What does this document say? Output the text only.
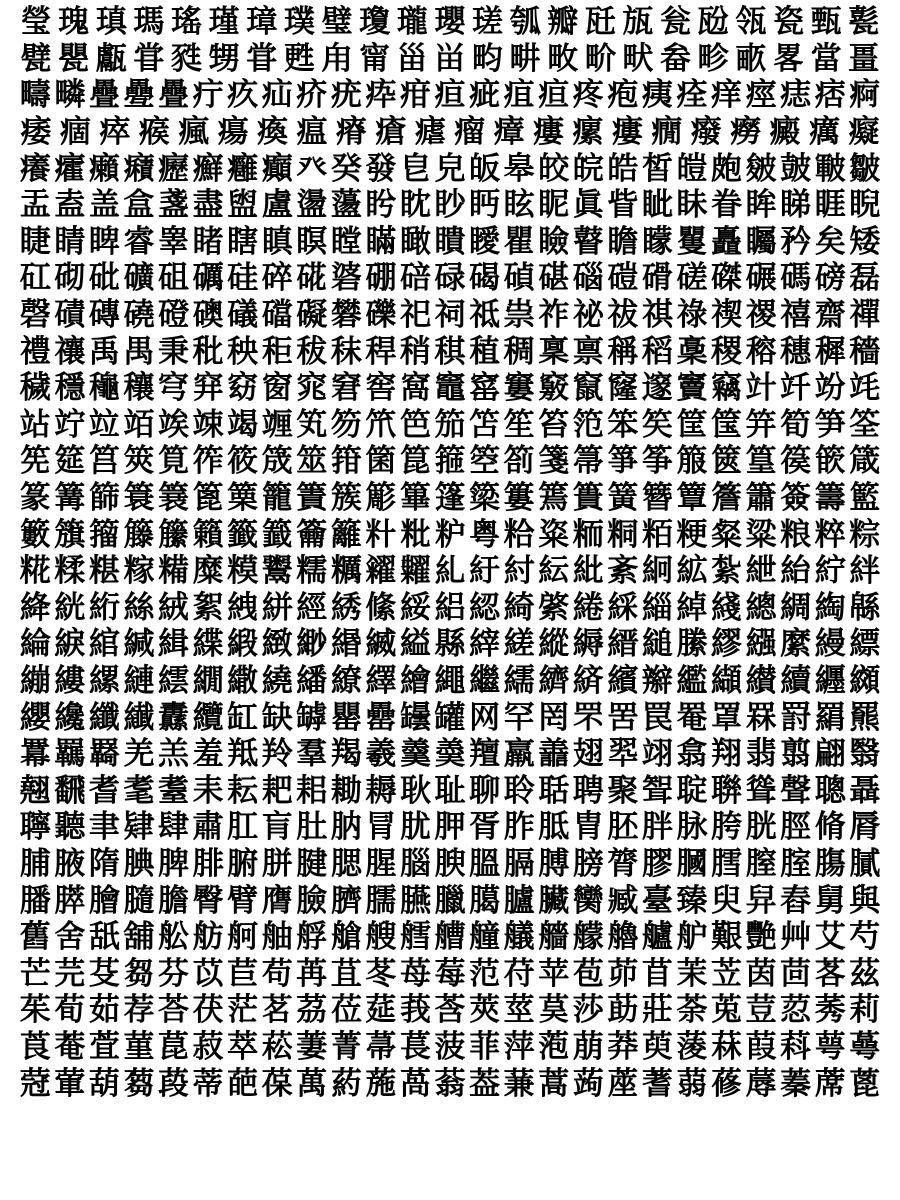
瑩 瑰 瑱 瑪 瑤 瑾 璋 璞 璧 瓊 瓏 瓔 瑳 瓠 瓣 瓩 瓬 瓮 瓰 瓴 瓷 甄 甏
甓 甖 甗 甞 甤 甥 甞 甦 甪 甯 甾 畄 畇 畊 畋 畍 畎 畚 畛 畞 畧 當 畺
疇 疄 疊 疉 疊 疔 疚 疝 疥 疣 疩 疳 疸 疵 疽 疸 疼 疱 痍 痊 痒 痙 痣 痞 痾
痿 痼 瘁 瘊 瘋 瘍 瘓 瘟 瘠 瘡 瘧 瘤 瘴 瘻 瘰 瘻 癇 癈 癆 癜 癘 癡
癢 癨 癩 癪 癧 癬 癰 癲 癶 癸 發 皀 皃 皈 皋 皎 皖 皓 皙 皚 皰 皴 皷 皸 皺
盂 盍 盖 盒 盞 盡 盥 盧 盪 蘯 盻 眈 眇 眄 眩 眤 眞 眥 眦 眛 眷 眸 睇 睚 睨
睫 睛 睥 睿 睾 睹 瞎 瞋 瞑 瞠 瞞 瞰 瞶 瞹 瞿 瞼 瞽 瞻 矇 矍 矗 矚 矜 矣 矮
矼 砌 砒 礦 砠 礪 硅 碎 硴 碆 硼 碚 碌 碣 碵 碪 碯 磑 磆 磋 磔 碾 碼 磅 磊
磬 磧 磚 磽 磴 礇 礒 礑 礙 礬 礫 祀 祠 祗 祟 祚 祕 祓 祺 祿 禊 禝 禧 齋 禪
禮 禳 禹 禺 秉 秕 秧 秬 秡 秣 稈 稍 稘 稙 稠 稟 禀 稱 稻 稾 稷 穃 穗 穉 穡
穢 穩 龝 穰 穹 穽 窈 窗 窕 窘 窖 窩 竈 窰 窶 竅 竄 窿 邃 竇 竊 竍 竏 竕 竓
站 竚 竝 竡 竢 竦 竭 竰 笂 笏 笊 笆 笳 笘 笙 笞 笵 笨 笶 筐 筺 笄 筍 笋 筌
筅 筵 筥 筴 筧 筰 筱 筬 筮 箝 箘 箟 箍 箜 箚 箋 箒 箏 筝 箙 篋 篁 篌 篏 箴
篆 篝 篩 簑 簔 篦 篥 籠 簀 簇 簓 篳 篷 簗 簍 篶 簣 簧 簪 簟 簷 簫 簽 籌 籃
籔 籏 籀 籐 籘 籟 籤 籖 籥 籬 籵 粃 粐 粤 粭 粢 粫 粡 粨 粳 粲 粱 粮 粹 粽
糀 糅 糂 糘 糒 糜 糢 鬻 糯 糲 糴 糶 糺 紆 紂 紜 紕 紊 絅 絋 紮 紲 紿 紵 絆
絳 絖 絎 絲 絨 絮 絏 絣 經 綉 絛 綏 絽 綛 綺 綮 綣 綵 緇 綽 綫 總 綢 綯 緜
綸 綟 綰 緘 緝 緤 緞 緻 緲 緡 縅 縊 縣 縡 縒 縱 縟 縉 縋 縢 繆 繦 縻 縵 縹
繃 縷 縲 縺 繧 繝 繖 繞 繙 繚 繹 繪 繩 繼 繻 纃 緕 繽 辮 繿 纈 纉 續 纒 纐
纓 纔 纖 纎 纛 纜 缸 缺 罅 罌 罍 罎 罐 网 罕 罔 罘 罟 罠 罨 罩 罧 罸 羂 羆
羃 羈 羇 羌 羔 羞 羝 羚 羣 羯 羲 羹 羮 羶 羸 譱 翅 翆 翊 翕 翔 翡 翦 翩 翳
翹 飜 耆 耄 耋 耒 耘 耙 耜 耡 耨 耿 耻 聊 聆 聒 聘 聚 聟 聢 聨 聳 聲 聰 聶
聹 聽 聿 肄 肆 肅 肛 肓 肚 肭 冐 肬 胛 胥 胙 胝 胄 胚 胖 脉 胯 胱 脛 脩 脣
脯 腋 隋 腆 脾 腓 腑 胼 腱 腮 腥 腦 腴 膃 膈 膊 膀 膂 膠 膕 膤 膣 腟 膓 膩
膰 膵 膾 膸 膽 臀 臂 膺 臉 臍 臑 臙 臘 臈 臚 臟 臠 臧 臺 臻 臾 舁 舂 舅 與
舊 舍 舐 舖 舩 舫 舸 舳 艀 艙 艘 艝 艚 艟 艤 艢 艨 艪 艫 舮 艱 艷 艸 艾 芍
芒 芫 芟 芻 芬 苡 苣 苟 苒 苴 苳 苺 莓 范 苻 苹 苞 茆 苜 茉 苙 茵 茴 茖 茲
茱 荀 茹 荐 荅 茯 茫 茗 茘 莅 莚 莪 莟 莢 莖 茣 莎 莇 莊 荼 莵 荳 荵 莠 莉
莨 菴 萓 菫 菎 菽 萃 菘 萋 菁 菷 萇 菠 菲 萍 萢 萠 莽 萸 蔆 菻 葭 萪 萼 蕚
蒄 葷 葫 蒭 葮 蒂 葩 葆 萬 葯 葹 萵 蓊 葢 蒹 蒿 蒟 蓙 蓍 蒻 蓚 蓐 蓁 蓆 蓖
